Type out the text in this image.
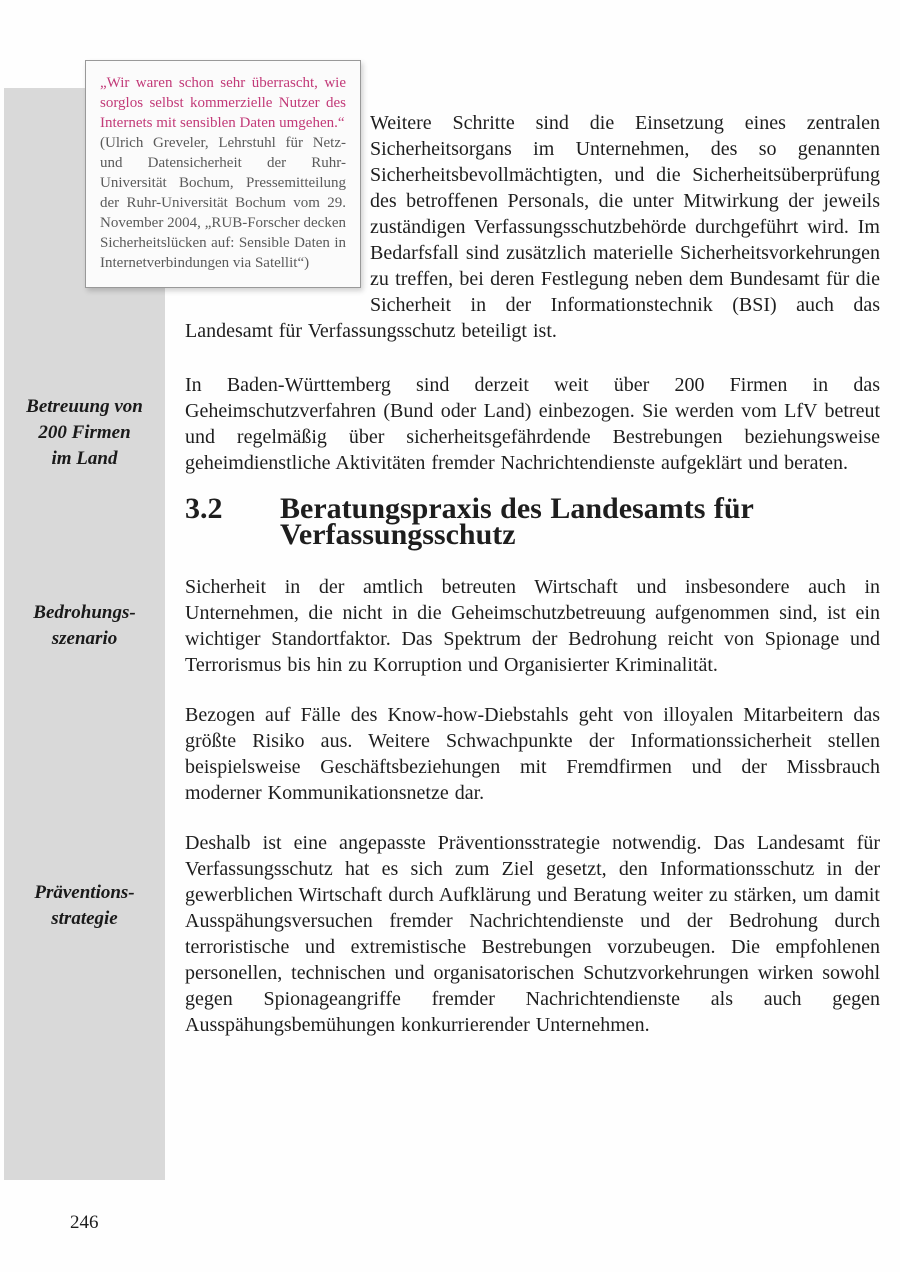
„Wir waren schon sehr überrascht, wie sorglos selbst kommerzielle Nutzer des Internets mit sensiblen Daten umgehen.“
(Ulrich Greveler, Lehrstuhl für Netz- und Datensicherheit der Ruhr-Universität Bochum, Pressemitteilung der Ruhr-Universität Bochum vom 29. November 2004, „RUB-Forscher decken Sicherheitslücken auf: Sensible Daten in Internetverbindungen via Satellit“)
Betreuung von
200 Firmen
im Land
Bedrohungs-
szenario
Präventions-
strategie

Weitere Schritte sind die Einsetzung eines zentralen Sicherheitsorgans im Unternehmen, des so genannten Sicherheitsbevollmächtigten, und die Sicherheitsüberprüfung des betroffenen Personals, die unter Mitwirkung der jeweils zuständigen Verfassungsschutzbehörde durchgeführt wird. Im Bedarfsfall sind zusätzlich materielle Sicherheitsvorkehrungen zu treffen, bei deren Festlegung neben dem Bundesamt für die Sicherheit in der Informationstechnik (BSI) auch das Landesamt für Verfassungsschutz beteiligt ist.

In Baden-Württemberg sind derzeit weit über 200 Firmen in das Geheimschutzverfahren (Bund oder Land) einbezogen. Sie werden vom LfV betreut und regelmäßig über sicherheitsgefährdende Bestrebungen beziehungsweise geheimdienstliche Aktivitäten fremder Nachrichtendienste aufgeklärt und beraten.

3.2	Beratungspraxis des Landesamts für Verfassungsschutz

Sicherheit in der amtlich betreuten Wirtschaft und insbesondere auch in Unternehmen, die nicht in die Geheimschutzbetreuung aufgenommen sind, ist ein wichtiger Standortfaktor. Das Spektrum der Bedrohung reicht von Spionage und Terrorismus bis hin zu Korruption und Organisierter Kriminalität.

Bezogen auf Fälle des Know-how-Diebstahls geht von illoyalen Mitarbeitern das größte Risiko aus. Weitere Schwachpunkte der Informationssicherheit stellen beispielsweise Geschäftsbeziehungen mit Fremdfirmen und der Missbrauch moderner Kommunikationsnetze dar.

Deshalb ist eine angepasste Präventionsstrategie notwendig. Das Landesamt für Verfassungsschutz hat es sich zum Ziel gesetzt, den Informationsschutz in der gewerblichen Wirtschaft durch Aufklärung und Beratung weiter zu stärken, um damit Ausspähungsversuchen fremder Nachrichtendienste und der Bedrohung durch terroristische und extremistische Bestrebungen vorzubeugen. Die empfohlenen personellen, technischen und organisatorischen Schutzvorkehrungen wirken sowohl gegen Spionageangriffe fremder Nachrichtendienste als auch gegen Ausspähungsbemühungen konkurrierender Unternehmen.

246
